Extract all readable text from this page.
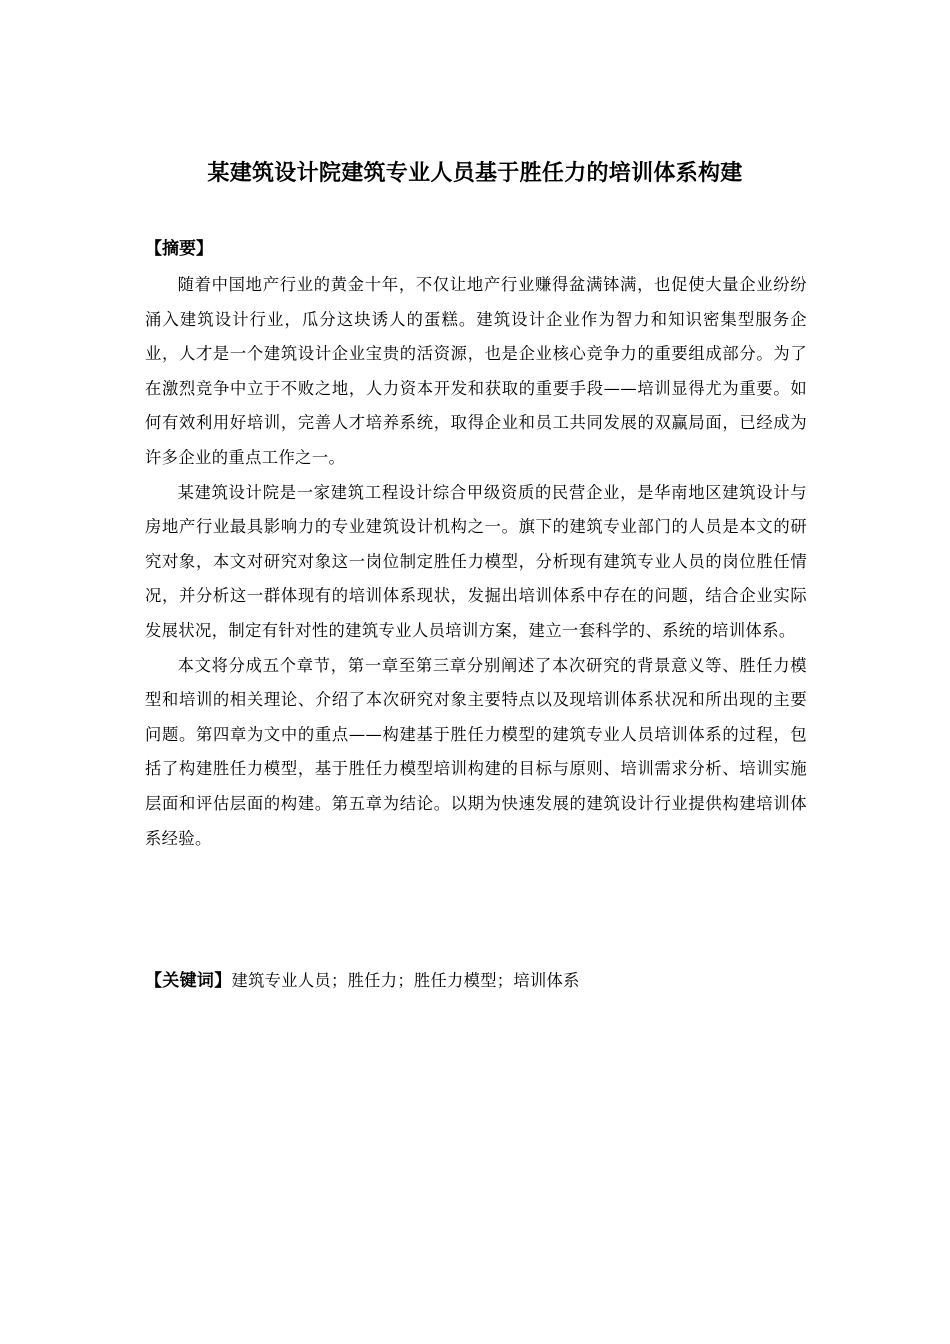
某建筑设计院建筑专业人员基于胜任力的培训体系构建
【摘要】

随着中国地产行业的黄金十年，不仅让地产行业赚得盆满钵满，也促使大量企业纷纷涌入建筑设计行业，瓜分这块诱人的蛋糕。建筑设计企业作为智力和知识密集型服务企业，人才是一个建筑设计企业宝贵的活资源，也是企业核心竞争力的重要组成部分。为了在激烈竞争中立于不败之地，人力资本开发和获取的重要手段——培训显得尤为重要。如何有效利用好培训，完善人才培养系统，取得企业和员工共同发展的双赢局面，已经成为许多企业的重点工作之一。

某建筑设计院是一家建筑工程设计综合甲级资质的民营企业，是华南地区建筑设计与房地产行业最具影响力的专业建筑设计机构之一。旗下的建筑专业部门的人员是本文的研究对象，本文对研究对象这一岗位制定胜任力模型，分析现有建筑专业人员的岗位胜任情况，并分析这一群体现有的培训体系现状，发掘出培训体系中存在的问题，结合企业实际发展状况，制定有针对性的建筑专业人员培训方案，建立一套科学的、系统的培训体系。

本文将分成五个章节，第一章至第三章分别阐述了本次研究的背景意义等、胜任力模型和培训的相关理论、介绍了本次研究对象主要特点以及现培训体系状况和所出现的主要问题。第四章为文中的重点——构建基于胜任力模型的建筑专业人员培训体系的过程，包括了构建胜任力模型，基于胜任力模型培训构建的目标与原则、培训需求分析、培训实施层面和评估层面的构建。第五章为结论。以期为快速发展的建筑设计行业提供构建培训体系经验。

【关键词】建筑专业人员；胜任力；胜任力模型；培训体系
